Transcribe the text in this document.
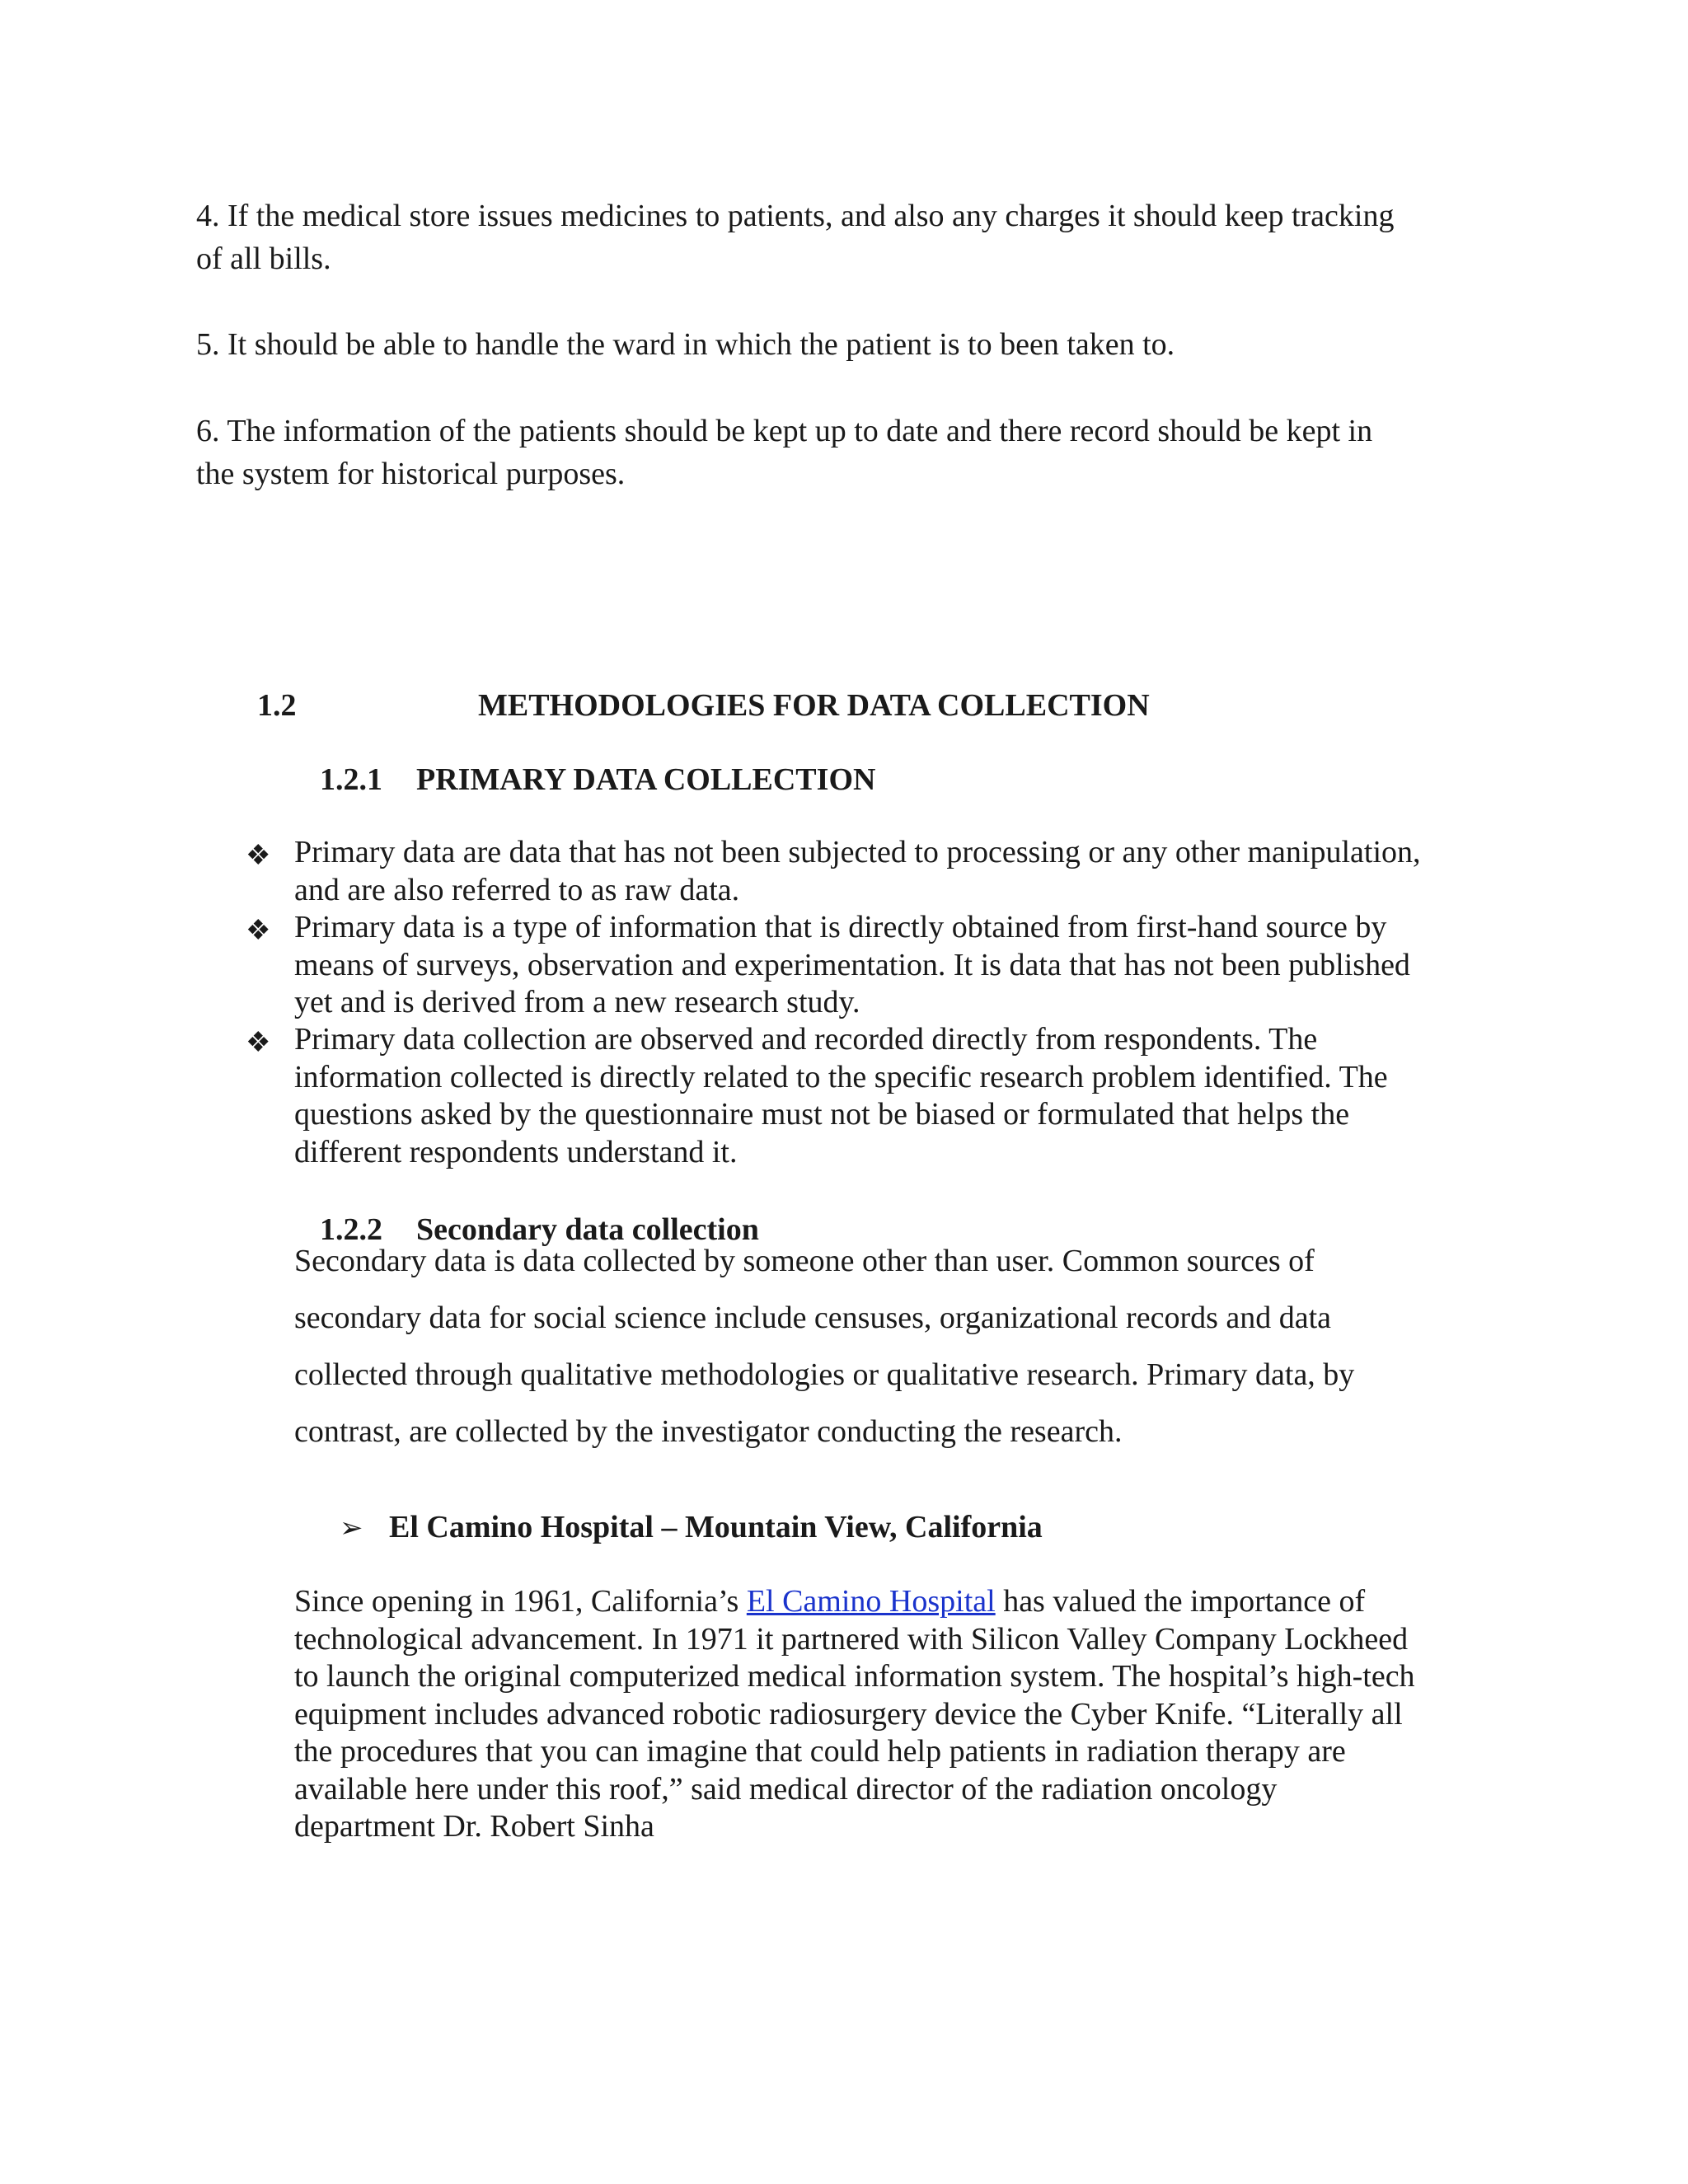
4. If the medical store issues medicines to patients, and also any charges it should keep tracking
of all bills.
5. It should be able to handle the ward in which the patient is to been taken to.
6. The information of the patients should be kept up to date and there record should be kept in
the system for historical purposes.
1.2	METHODOLOGIES FOR DATA COLLECTION
1.2.1 PRIMARY DATA COLLECTION
❖ Primary data are data that has not been subjected to processing or any other manipulation,
and are also referred to as raw data.
❖ Primary data is a type of information that is directly obtained from first-hand source by
means of surveys, observation and experimentation. It is data that has not been published
yet and is derived from a new research study.
❖ Primary data collection are observed and recorded directly from respondents. The
information collected is directly related to the specific research problem identified. The
questions asked by the questionnaire must not be biased or formulated that helps the
different respondents understand it.
1.2.2 Secondary data collection
Secondary data is data collected by someone other than user. Common sources of
secondary data for social science include censuses, organizational records and data
collected through qualitative methodologies or qualitative research. Primary data, by
contrast, are collected by the investigator conducting the research.
➢ El Camino Hospital – Mountain View, California
Since opening in 1961, California’s El Camino Hospital has valued the importance of
technological advancement. In 1971 it partnered with Silicon Valley Company Lockheed
to launch the original computerized medical information system. The hospital’s high-tech
equipment includes advanced robotic radiosurgery device the Cyber Knife. “Literally all
the procedures that you can imagine that could help patients in radiation therapy are
available here under this roof,” said medical director of the radiation oncology
department Dr. Robert Sinha
